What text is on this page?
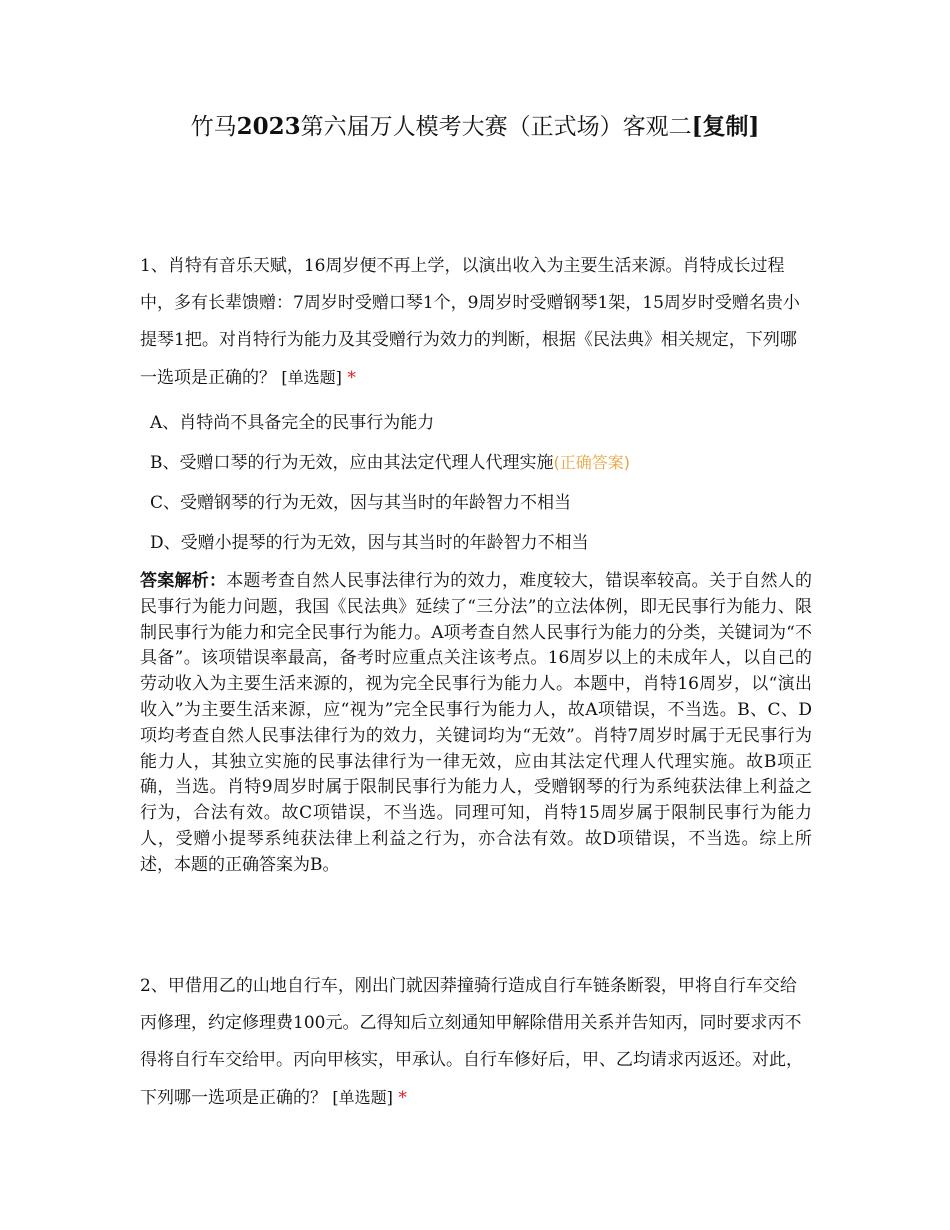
竹马2023第六届万人模考大赛（正式场）客观二[复制]

1、肖特有音乐天赋，16周岁便不再上学，以演出收入为主要生活来源。肖特成长过程中，多有长辈馈赠：7周岁时受赠口琴1个，9周岁时受赠钢琴1架，15周岁时受赠名贵小提琴1把。对肖特行为能力及其受赠行为效力的判断，根据《民法典》相关规定，下列哪一选项是正确的？ [单选题] *

A、肖特尚不具备完全的民事行为能力
B、受赠口琴的行为无效，应由其法定代理人代理实施(正确答案)
C、受赠钢琴的行为无效，因与其当时的年龄智力不相当
D、受赠小提琴的行为无效，因与其当时的年龄智力不相当

答案解析：本题考查自然人民事法律行为的效力，难度较大，错误率较高。关于自然人的民事行为能力问题，我国《民法典》延续了“三分法”的立法体例，即无民事行为能力、限制民事行为能力和完全民事行为能力。A项考查自然人民事行为能力的分类，关键词为“不具备”。该项错误率最高，备考时应重点关注该考点。16周岁以上的未成年人，以自己的劳动收入为主要生活来源的，视为完全民事行为能力人。本题中，肖特16周岁，以“演出收入”为主要生活来源，应“视为”完全民事行为能力人，故A项错误，不当选。B、C、D项均考查自然人民事法律行为的效力，关键词均为“无效”。肖特7周岁时属于无民事行为能力人，其独立实施的民事法律行为一律无效，应由其法定代理人代理实施。故B项正确，当选。肖特9周岁时属于限制民事行为能力人，受赠钢琴的行为系纯获法律上利益之行为，合法有效。故C项错误，不当选。同理可知，肖特15周岁属于限制民事行为能力人，受赠小提琴系纯获法律上利益之行为，亦合法有效。故D项错误，不当选。综上所述，本题的正确答案为B。

2、甲借用乙的山地自行车，刚出门就因莽撞骑行造成自行车链条断裂，甲将自行车交给丙修理，约定修理费100元。乙得知后立刻通知甲解除借用关系并告知丙，同时要求丙不得将自行车交给甲。丙向甲核实，甲承认。自行车修好后，甲、乙均请求丙返还。对此，下列哪一选项是正确的？ [单选题] *
